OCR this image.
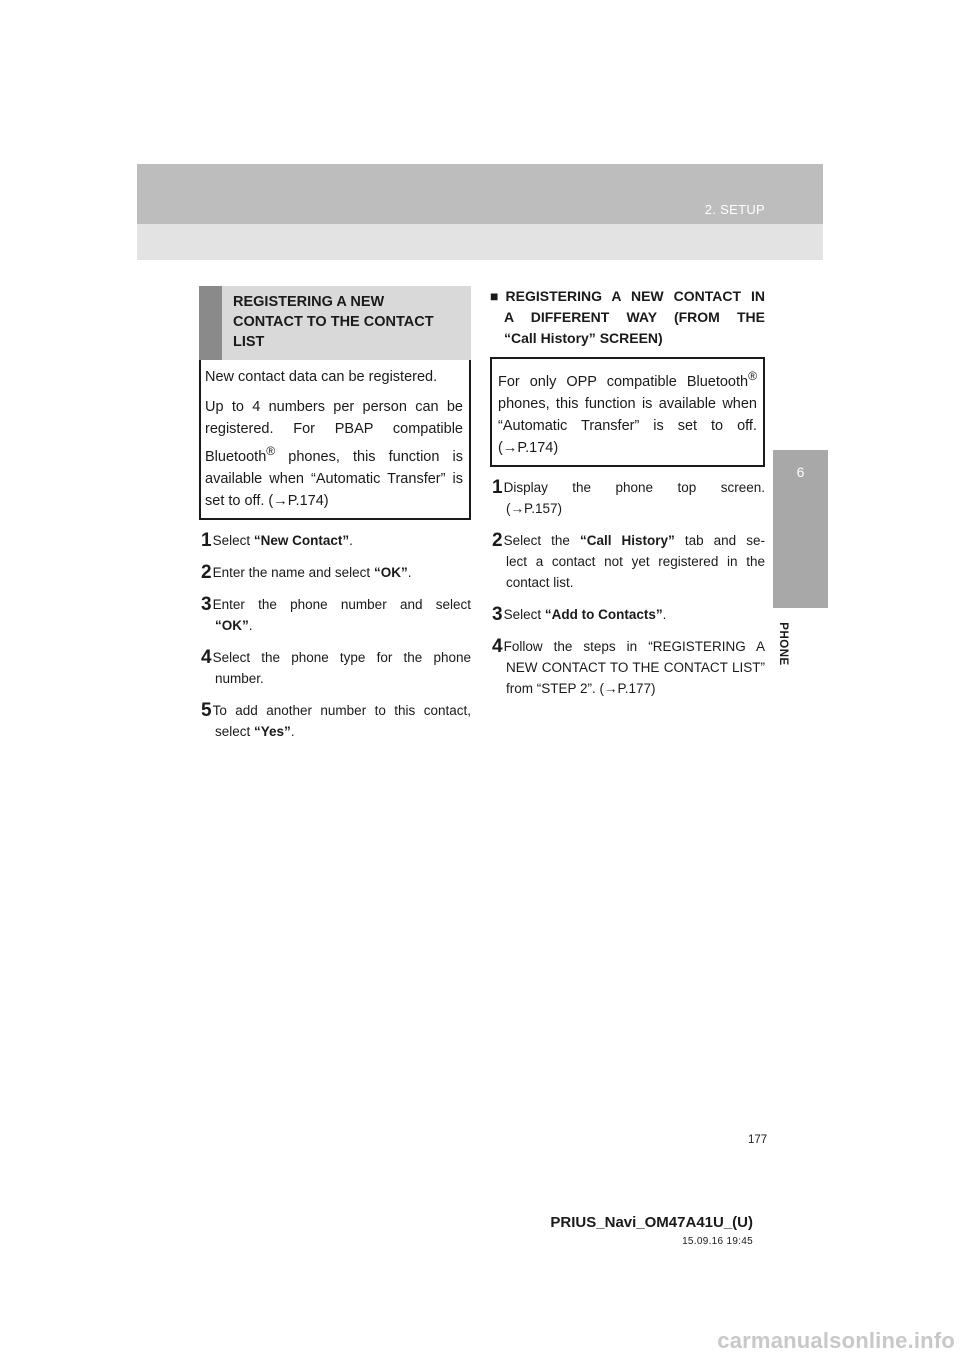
2. SETUP
6
PHONE
REGISTERING A NEW
CONTACT TO THE CONTACT
LIST

New contact data can be registered.

Up to 4 numbers per person can be registered. For PBAP compatible Bluetooth® phones, this function is available when “Automatic Transfer” is set to off. (→P.174)

1Select “New Contact”.
2Enter the name and select “OK”.
3Enter the phone number and select
“OK”.
4Select the phone type for the phone
number.
5To add another number to this contact,
select “Yes”.
■REGISTERING A NEW CONTACT IN
A DIFFERENT WAY (FROM THE
“Call History” SCREEN)
For only OPP compatible Bluetooth® phones, this function is available when “Automatic Transfer” is set to off. (→P.174)
1Display the phone top screen.
(→P.157)
2Select the “Call History” tab and se-
lect a contact not yet registered in the contact list.
3Select “Add to Contacts”.
4Follow the steps in “REGISTERING A
NEW CONTACT TO THE CONTACT LIST” from “STEP 2”. (→P.177)
177
PRIUS_Navi_OM47A41U_(U)
15.09.16 19:45
carmanualsonline.info
